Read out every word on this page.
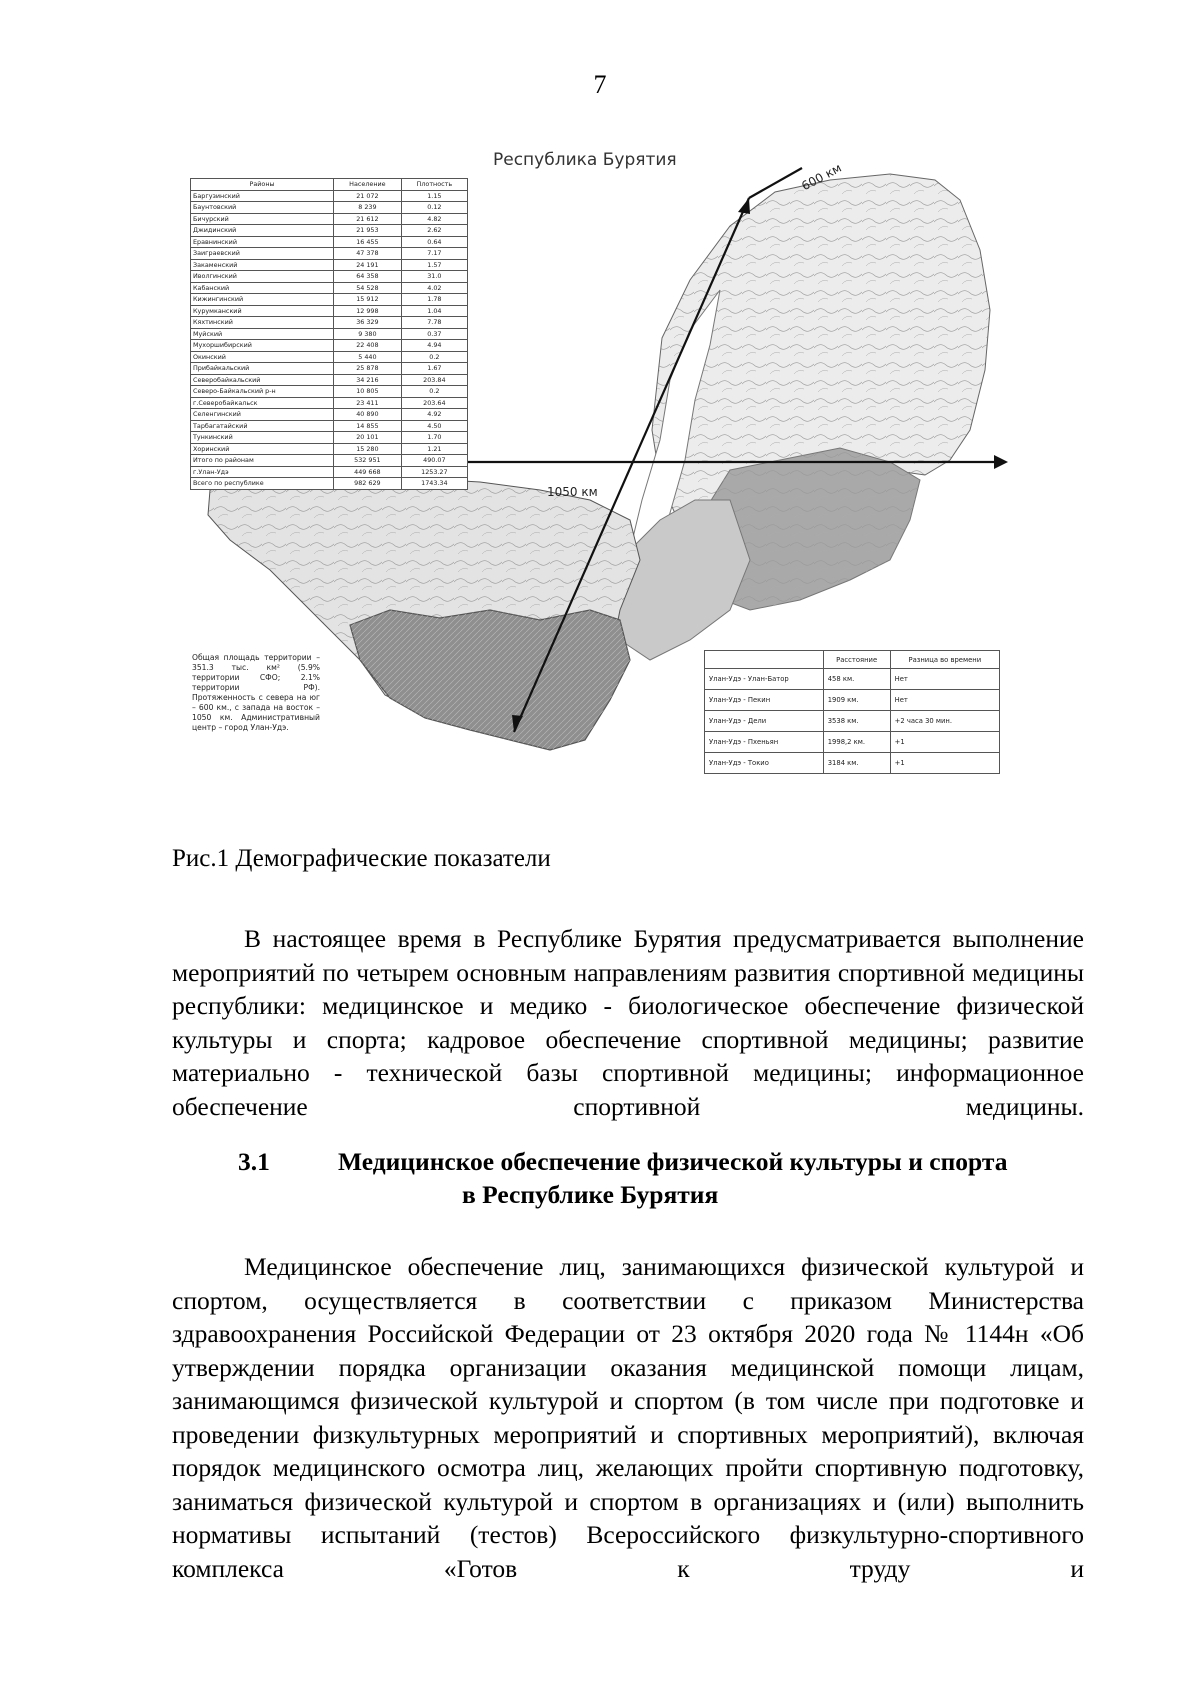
7
Республика Бурятия
600 км
1050 км
Районы	Население	Плотность
Баргузинский	21 072	1.15
Баунтовский	8 239	0.12
Бичурский	21 612	4.82
Джидинский	21 953	2.62
Еравнинский	16 455	0.64
Заиграевский	47 378	7.17
Закаменский	24 191	1.57
Иволгинский	64 358	31.0
Кабанский	54 528	4.02
Кижингинский	15 912	1.78
Курумканский	12 998	1.04
Кяхтинский	36 329	7.78
Муйский	9 380	0.37
Мухоршибирский	22 408	4.94
Окинский	5 440	0.2
Прибайкальский	25 878	1.67
Северобайкальский	34 216	203.84
Северо-Байкальский р-н	10 805	0.2
г.Северобайкальск	23 411	203.64
Селенгинский	40 890	4.92
Тарбагатайский	14 855	4.50
Тункинский	20 101	1.70
Хоринский	15 280	1.21
Итого по районам	532 951	490.07
г.Улан-Удэ	449 668	1253.27
Всего по республике	982 629	1743.34
Общая площадь территории – 351.3 тыс. км² (5.9% территории СФО; 2.1% территории РФ). Протяженность с севера на юг – 600 км., с запада на восток – 1050 км. Административный центр – город Улан-Удэ.
	Расстояние	Разница во времени
Улан-Удэ - Улан-Батор	458 км.	Нет
Улан-Удэ - Пекин	1909 км.	Нет
Улан-Удэ - Дели	3538 км.	+2 часа 30 мин.
Улан-Удэ - Пхеньян	1998,2 км.	+1
Улан-Удэ - Токио	3184 км.	+1
Рис.1 Демографические показатели
В настоящее время в Республике Бурятия предусматривается выполнение мероприятий по четырем основным направлениям развития спортивной медицины республики: медицинское и медико - биологическое обеспечение физической культуры и спорта; кадровое обеспечение спортивной медицины; развитие материально - технической базы спортивной медицины; информационное обеспечение спортивной медицины.
3.1	Медицинское обеспечение физической культуры и спорта
в Республике Бурятия
Медицинское обеспечение лиц, занимающихся физической культурой и спортом, осуществляется в соответствии с приказом Министерства здравоохранения Российской Федерации от 23 октября 2020 года № 1144н «Об утверждении порядка организации оказания медицинской помощи лицам, занимающимся физической культурой и спортом (в том числе при подготовке и проведении физкультурных мероприятий и спортивных мероприятий), включая порядок медицинского осмотра лиц, желающих пройти спортивную подготовку, заниматься физической культурой и спортом в организациях и (или) выполнить нормативы испытаний (тестов) Всероссийского физкультурно-спортивного комплекса «Готов к труду и
